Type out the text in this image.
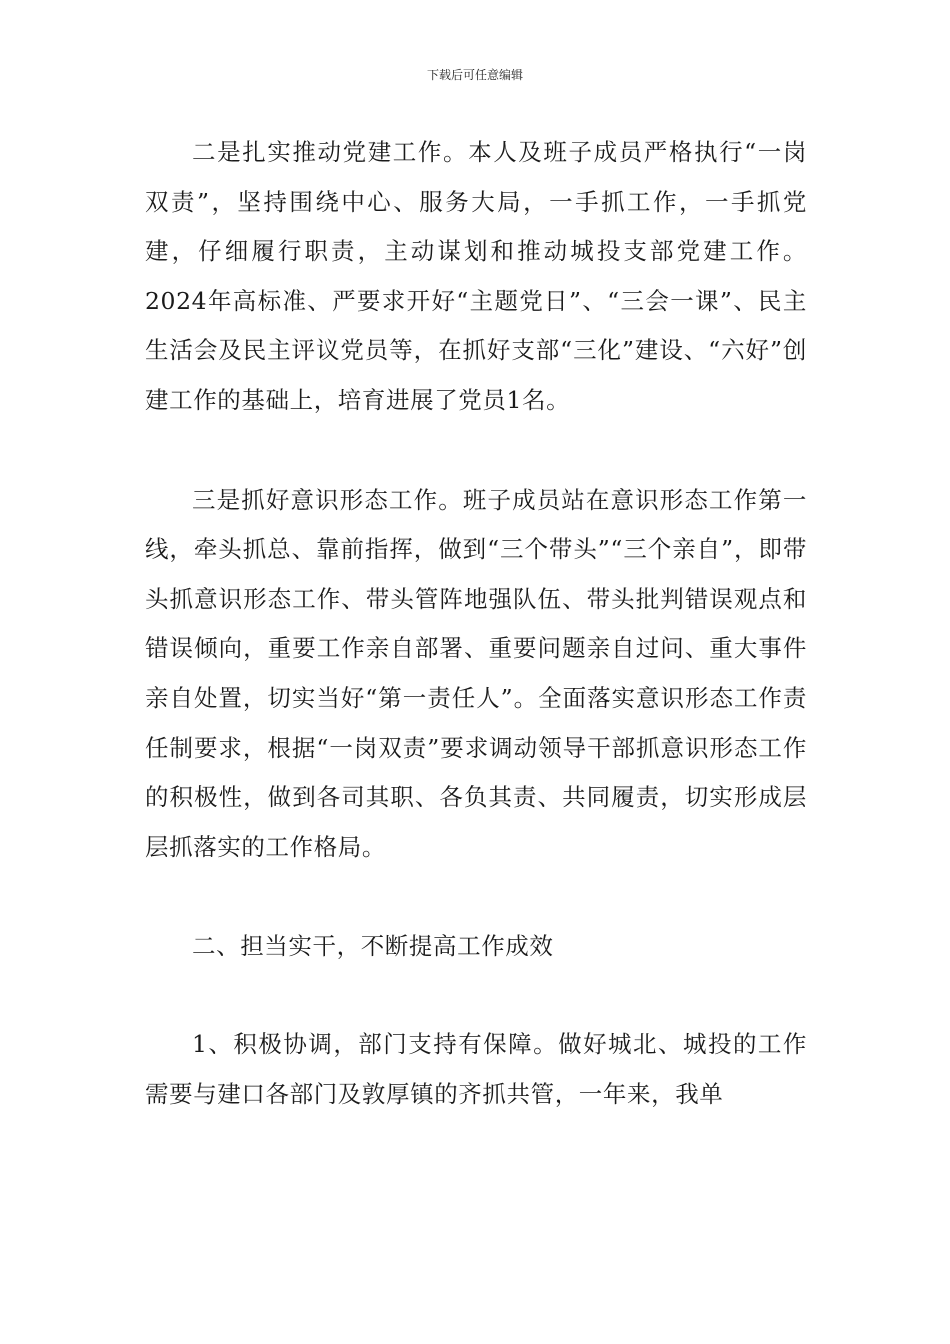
下载后可任意编辑

二是扎实推动党建工作。本人及班子成员严格执行“一岗双责”，坚持围绕中心、服务大局，一手抓工作，一手抓党建，仔细履行职责，主动谋划和推动城投支部党建工作。2024年高标准、严要求开好“主题党日”、“三会一课”、民主生活会及民主评议党员等，在抓好支部“三化”建设、“六好”创建工作的基础上，培育进展了党员1名。

三是抓好意识形态工作。班子成员站在意识形态工作第一线，牵头抓总、靠前指挥，做到“三个带头”“三个亲自”，即带头抓意识形态工作、带头管阵地强队伍、带头批判错误观点和错误倾向，重要工作亲自部署、重要问题亲自过问、重大事件亲自处置，切实当好“第一责任人”。全面落实意识形态工作责任制要求，根据“一岗双责”要求调动领导干部抓意识形态工作的积极性，做到各司其职、各负其责、共同履责，切实形成层层抓落实的工作格局。

二、担当实干，不断提高工作成效

1、积极协调，部门支持有保障。做好城北、城投的工作需要与建口各部门及敦厚镇的齐抓共管，一年来，我单
